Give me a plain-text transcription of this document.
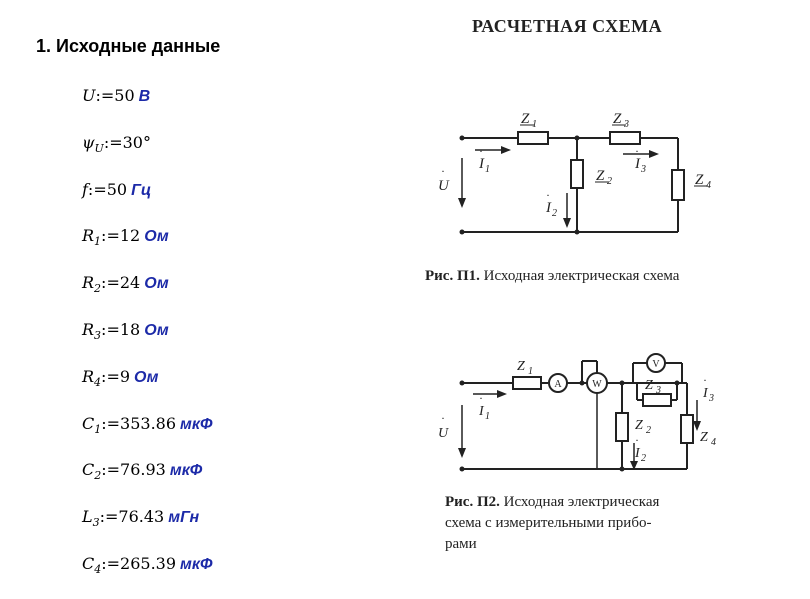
1. Исходные данные
U:=50 В
$\psi_U:=30^\circ$
f:=50 Гц
$R_1:=12$ Ом
$R_2:=24$ Ом
$R_3:=18$ Ом
$R_4:=9$ Ом
$C_1:=353.86$ мкФ
$C_2:=76.93$ мкФ
$L_3:=76.43$ мГн
$C_4:=265.39$ мкФ
РАСЧЕТНАЯ СХЕМА
U
· I
·
1
Z 1	Z 3
Z 2	Z 4
I
·
3
I
·
2
Рис. П1. Исходная электрическая схема
U
· I
·
1
Z 1
Z 3
Z 2	Z 4
I
·
2
I
·
3
A	W
V
Рис. П2. Исходная электрическая
схема с измерительными прибо-
рами
